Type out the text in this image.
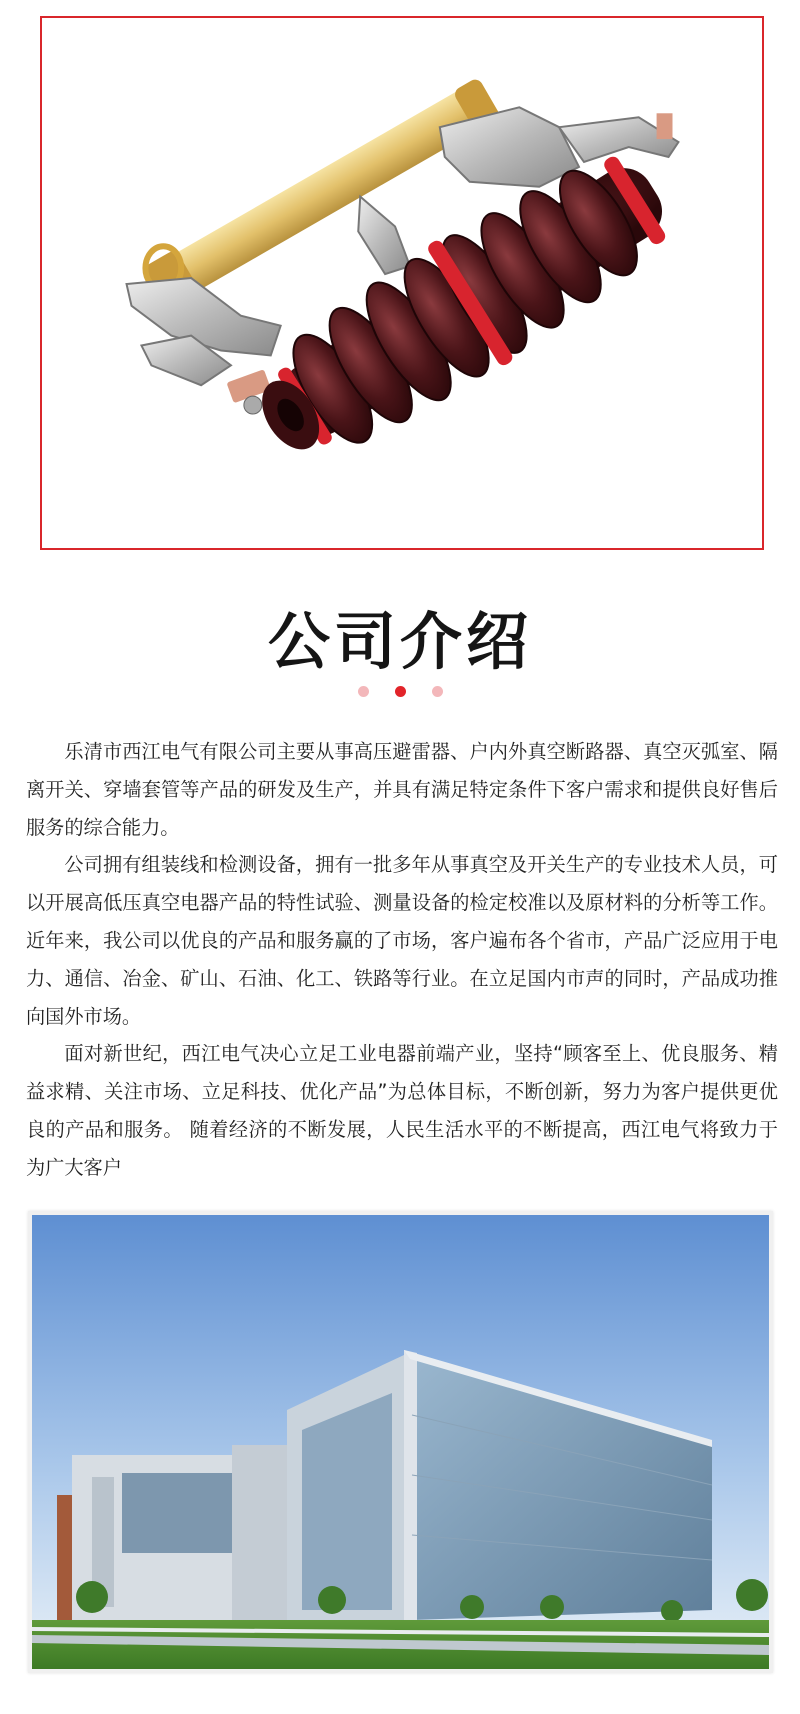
公司介绍

乐清市西江电气有限公司主要从事高压避雷器、户内外真空断路器、真空灭弧室、隔离开关、穿墙套管等产品的研发及生产，并具有满足特定条件下客户需求和提供良好售后服务的综合能力。

公司拥有组装线和检测设备，拥有一批多年从事真空及开关生产的专业技术人员，可以开展高低压真空电器产品的特性试验、测量设备的检定校准以及原材料的分析等工作。 近年来，我公司以优良的产品和服务赢的了市场，客户遍布各个省市，产品广泛应用于电力、通信、冶金、矿山、石油、化工、铁路等行业。在立足国内市声的同时，产品成功推向国外市场。

面对新世纪，西江电气决心立足工业电器前端产业，坚持“顾客至上、优良服务、精益求精、关注市场、立足科技、优化产品”为总体目标，不断创新，努力为客户提供更优良的产品和服务。 随着经济的不断发展，人民生活水平的不断提高，西江电气将致力于为广大客户
